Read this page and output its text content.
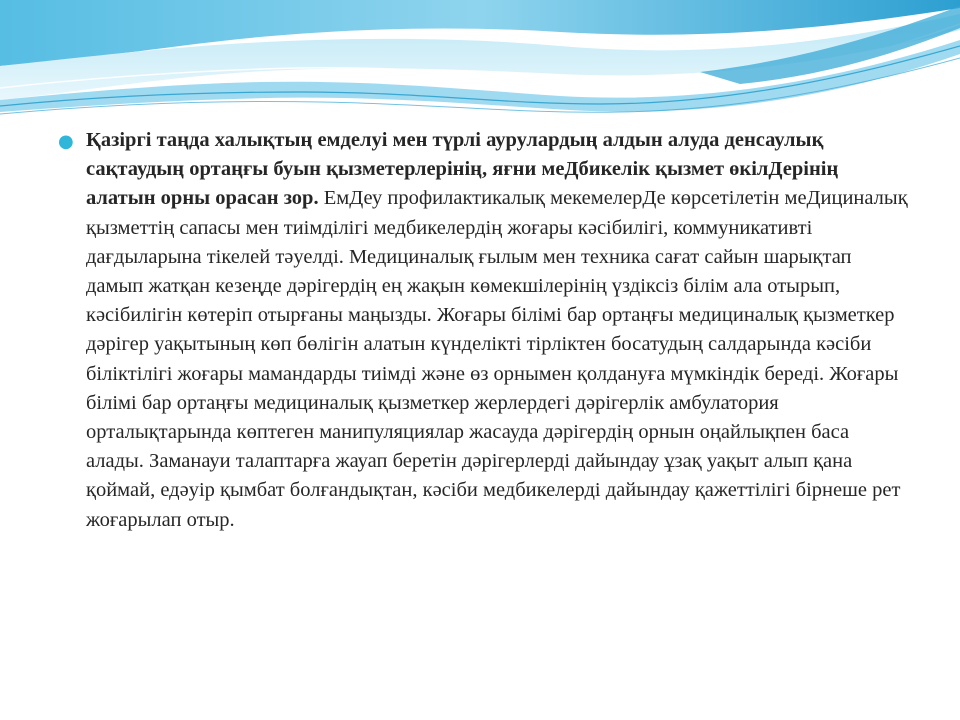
● Қазіргі таңда халықтың емделуі мен түрлі аурулардың алдын алуда денсаулық сақтаудың ортаңғы буын қызметерлерінің, яғни меДбикелік қызмет өкілДерінің алатын орны орасан зор. ЕмДеу профилактикалық мекемелерДе көрсетілетін меДициналық қызметтің сапасы мен тиімділігі медбикелердің жоғары кәсібилігі, коммуникативті дағдыларына тікелей тәуелді. Медициналық ғылым мен техника сағат сайын шарықтап дамып жатқан кезеңде дәрігердің ең жақын көмекшілерінің үздіксіз білім ала отырып, кәсібилігін көтеріп отырғаны маңызды. Жоғары білімі бар ортаңғы медициналық қызметкер дәрігер уақытының көп бөлігін алатын күнделікті тірліктен босатудың салдарында кәсіби біліктілігі жоғары мамандарды тиімді және өз орнымен қолдануға мүмкіндік береді. Жоғары білімі бар ортаңғы медициналық қызметкер жерлердегі дәрігерлік амбулатория орталықтарында көптеген манипуляциялар жасауда дәрігердің орнын оңайлықпен баса алады. Заманауи талаптарға жауап беретін дәрігерлерді дайындау ұзақ уақыт алып қана қоймай, едәуір қымбат болғандықтан, кәсіби медбикелерді дайындау қажеттілігі бірнеше рет жоғарылап отыр.
